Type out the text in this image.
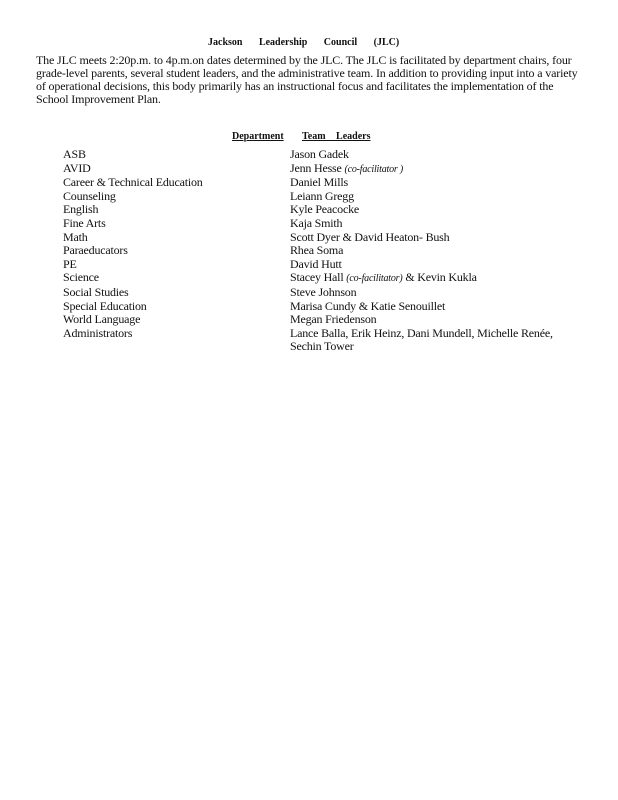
Jackson Leadership Council (JLC)

The JLC meets 2:20p.m. to 4p.m.on dates determined by the JLC. The JLC is facilitated by department chairs, four grade-level parents, several student leaders, and the administrative team. In addition to providing input into a variety of operational decisions, this body primarily has an instructional focus and facilitates the implementation of the School Improvement Plan.

Department Team Leaders
ASB	Jason Gadek
AVID	Jenn Hesse (co-facilitator )
Career & Technical Education	Daniel Mills
Counseling	Leiann Gregg
English	Kyle Peacocke
Fine Arts	Kaja Smith
Math	Scott Dyer & David Heaton- Bush
Paraeducators	Rhea Soma
PE	David Hutt
Science	Stacey Hall (co-facilitator) & Kevin Kukla
Social Studies	Steve Johnson
Special Education	Marisa Cundy & Katie Senouillet
World Language	Megan Friedenson
Administrators	Lance Balla, Erik Heinz, Dani Mundell, Michelle Renée, Sechin Tower
